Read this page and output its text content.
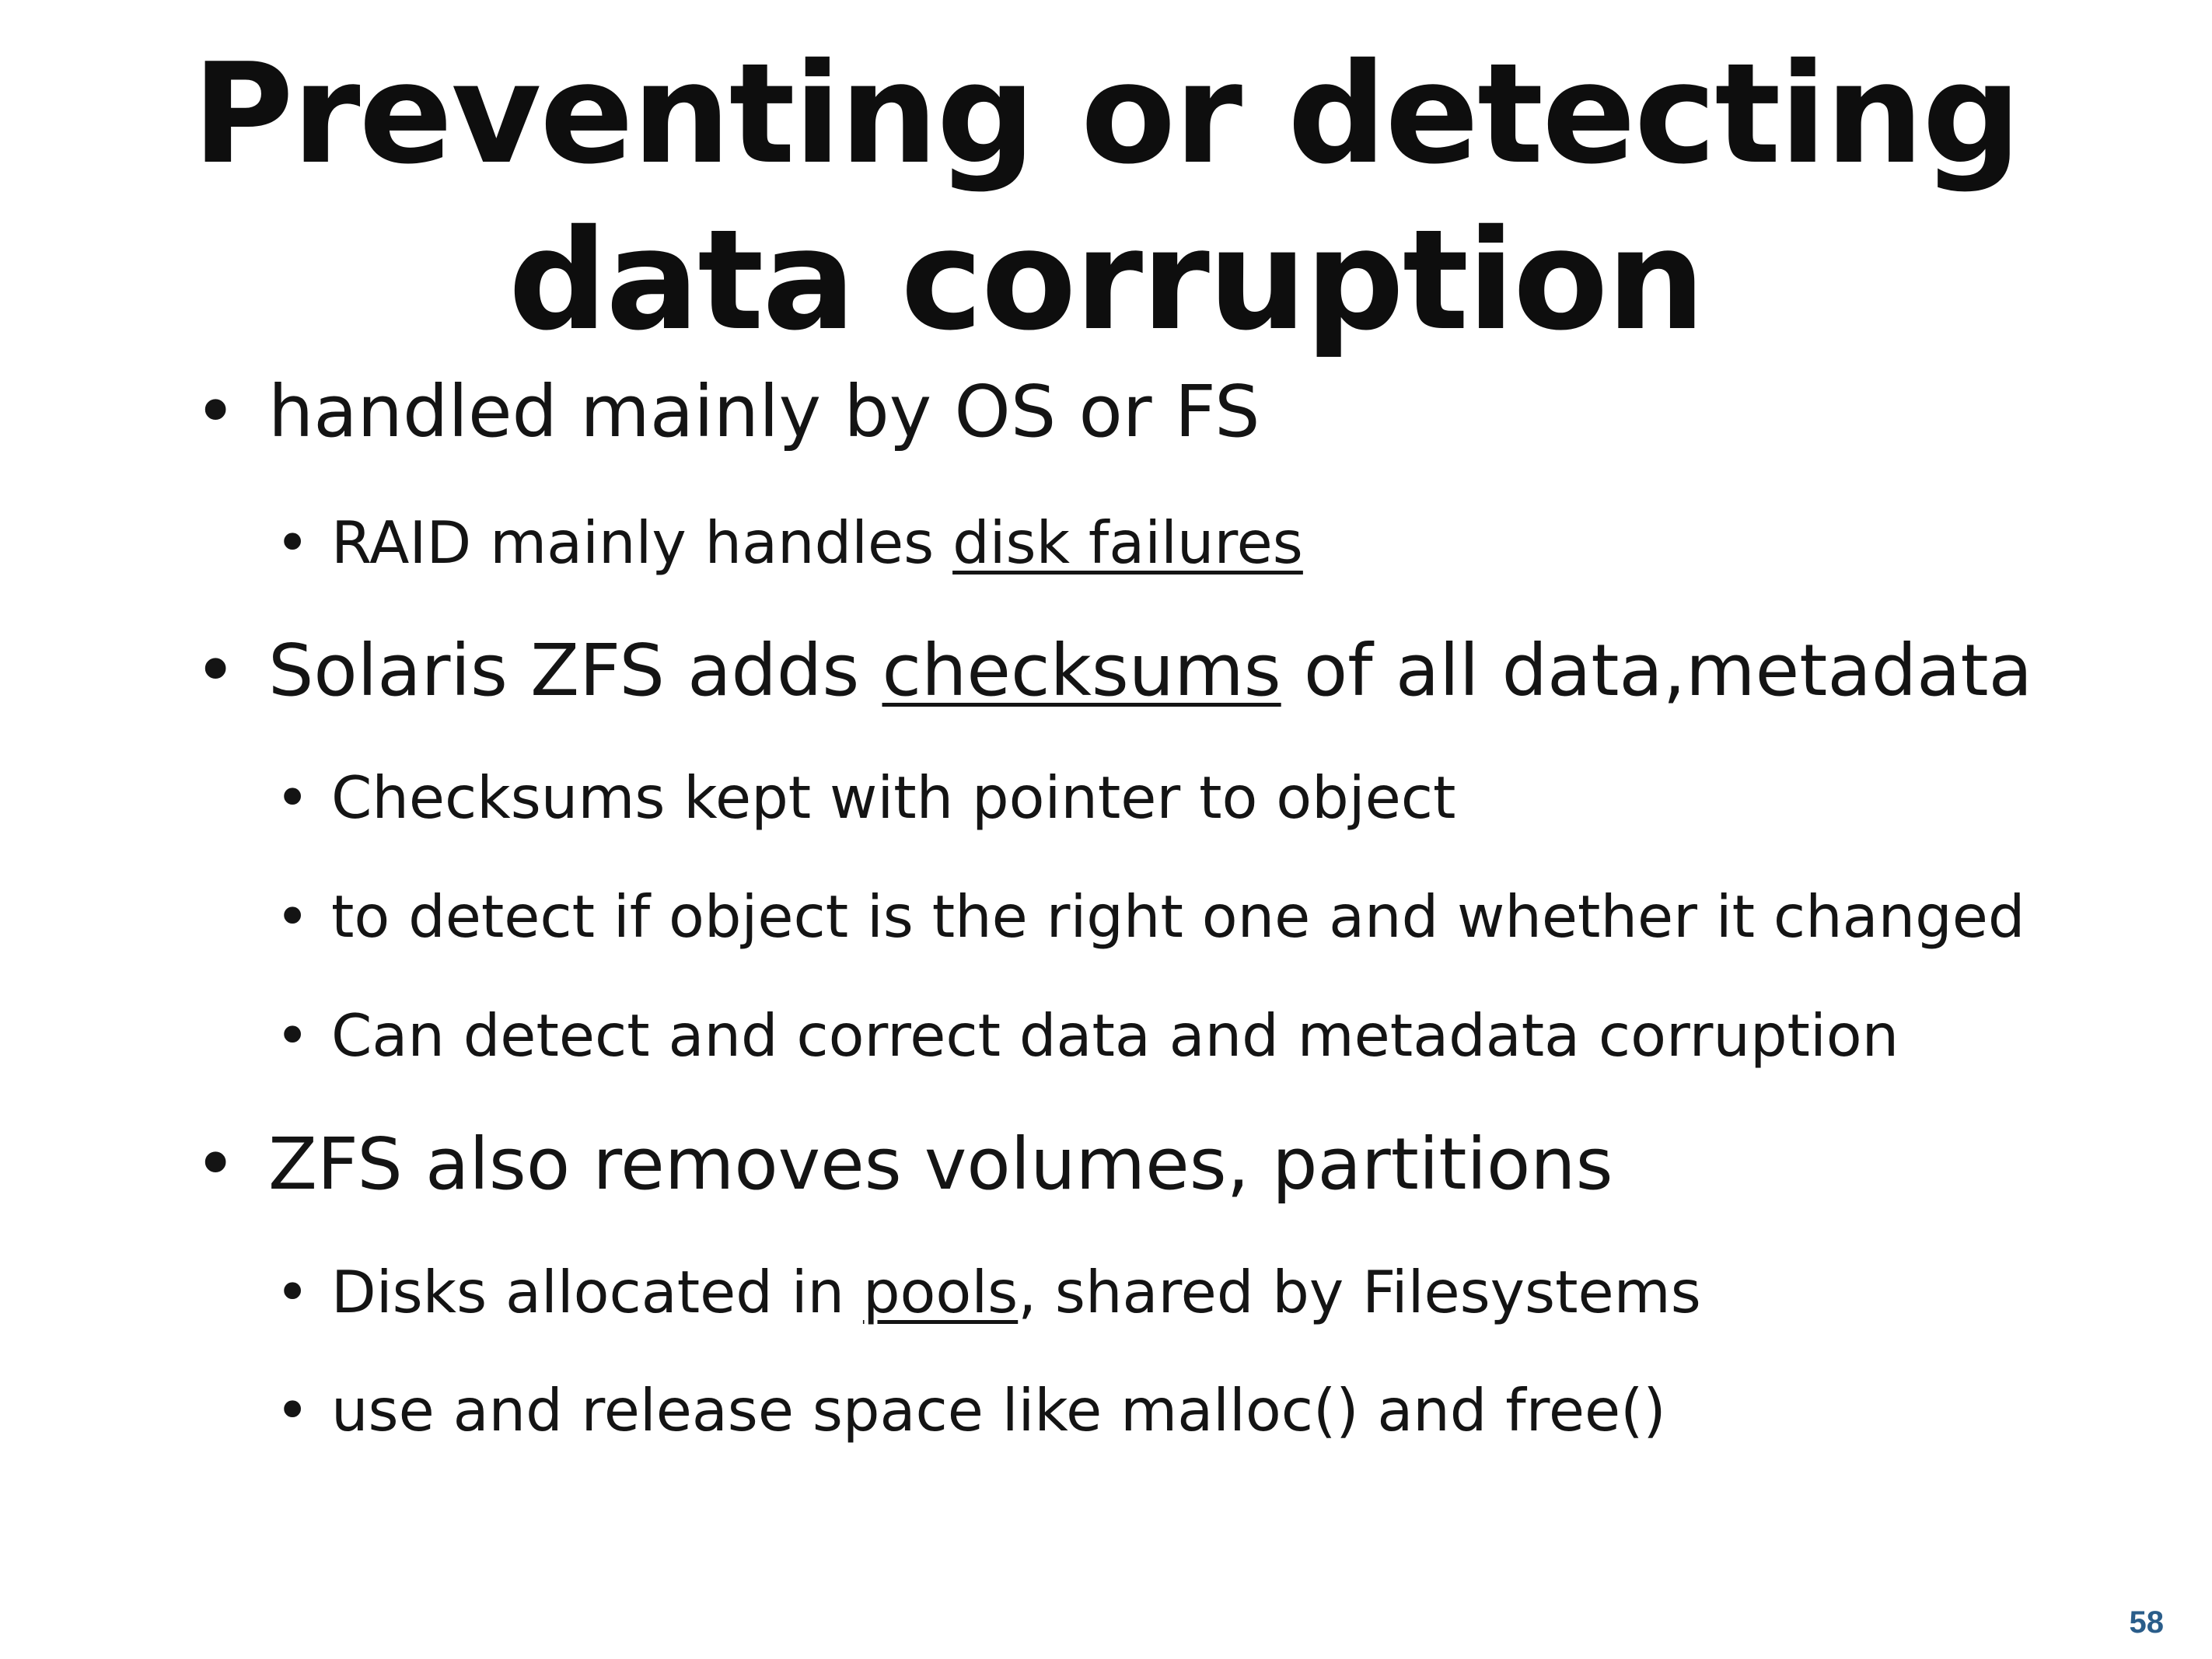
Preventing or detecting
data corruption
• handled mainly by OS or FS
• RAID mainly handles disk failures
• Solaris ZFS adds checksums of all data,metadata
• Checksums kept with pointer to object
• to detect if object is the right one and whether it changed
• Can detect and correct data and metadata corruption
• ZFS also removes volumes, partitions
• Disks allocated in pools, shared by Filesystems
• use and release space like malloc() and free()
58
